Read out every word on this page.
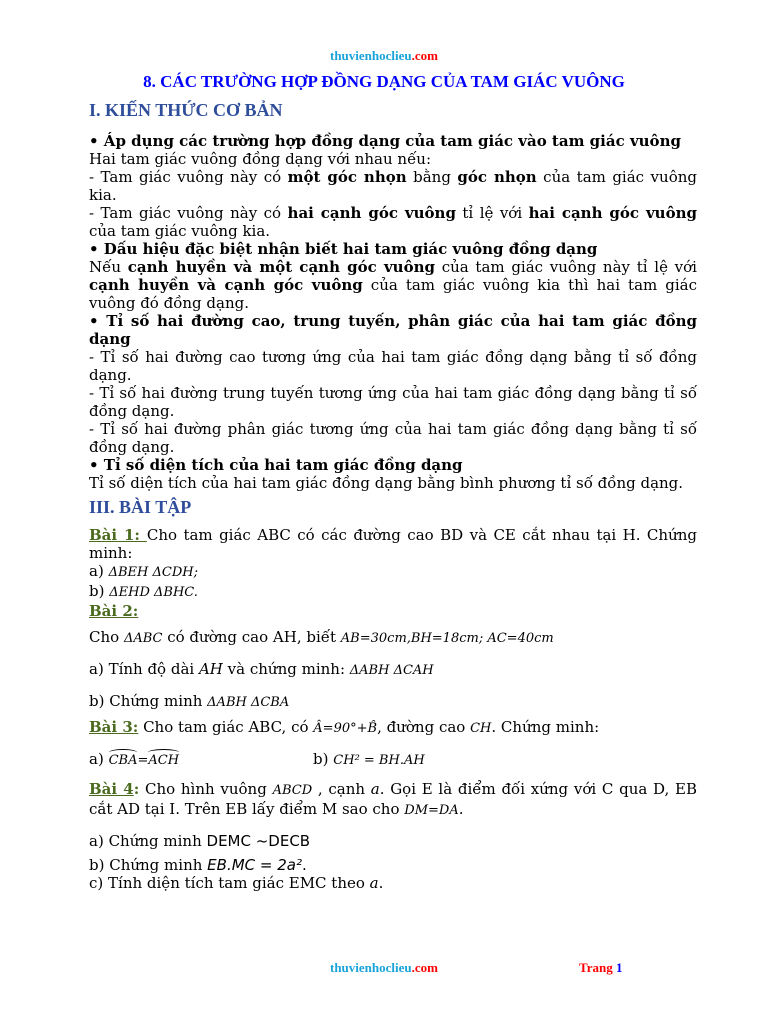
thuvienhoclieu.com
8. CÁC TRƯỜNG HỢP ĐỒNG DẠNG CỦA TAM GIÁC VUÔNG
I. KIẾN THỨC CƠ BẢN

• Áp dụng các trường hợp đồng dạng của tam giác vào tam giác vuông

Hai tam giác vuông đồng dạng với nhau nếu:

- Tam giác vuông này có một góc nhọn bằng góc nhọn của tam giác vuông kia.

- Tam giác vuông này có hai cạnh góc vuông tỉ lệ với hai cạnh góc vuông của tam giác vuông kia.

• Dấu hiệu đặc biệt nhận biết hai tam giác vuông đồng dạng

Nếu cạnh huyền và một cạnh góc vuông của tam giác vuông này tỉ lệ với cạnh huyền và cạnh góc vuông của tam giác vuông kia thì hai tam giác vuông đó đồng dạng.

• Tỉ số hai đường cao, trung tuyến, phân giác của hai tam giác đồng dạng

- Tỉ số hai đường cao tương ứng của hai tam giác đồng dạng bằng tỉ số đồng dạng.

- Tỉ số hai đường trung tuyến tương ứng của hai tam giác đồng dạng bằng tỉ số đồng dạng.

- Tỉ số hai đường phân giác tương ứng của hai tam giác đồng dạng bằng tỉ số đồng dạng.

• Tỉ số diện tích của hai tam giác đồng dạng

Tỉ số diện tích của hai tam giác đồng dạng bằng bình phương tỉ số đồng dạng.

III. BÀI TẬP

Bài 1: Cho tam giác ABC có các đường cao BD và CE cắt nhau tại H. Chứng minh:

a) ΔBEH ΔCDH;

b) ΔEHD ΔBHC.

Bài 2:

Cho ΔABC có đường cao AH, biết AB=30cm,BH=18cm; AC=40cm

a) Tính độ dài AH và chứng minh: ΔABH ΔCAH

b) Chứng minh ΔABH ΔCBA

Bài 3: Cho tam giác ABC, có Â=90°+B̂, đường cao CH. Chứng minh:

a) CBA=ACH	b) CH² = BH.AH

Bài 4: Cho hình vuông ABCD , cạnh a. Gọi E là điểm đối xứng với C qua D, EB cắt AD tại I. Trên EB lấy điểm M sao cho DM=DA.

a) Chứng minh DEMC ~DECB

b) Chứng minh EB.MC = 2a².

c) Tính diện tích tam giác EMC theo a.

thuvienhoclieu.com	Trang 1
